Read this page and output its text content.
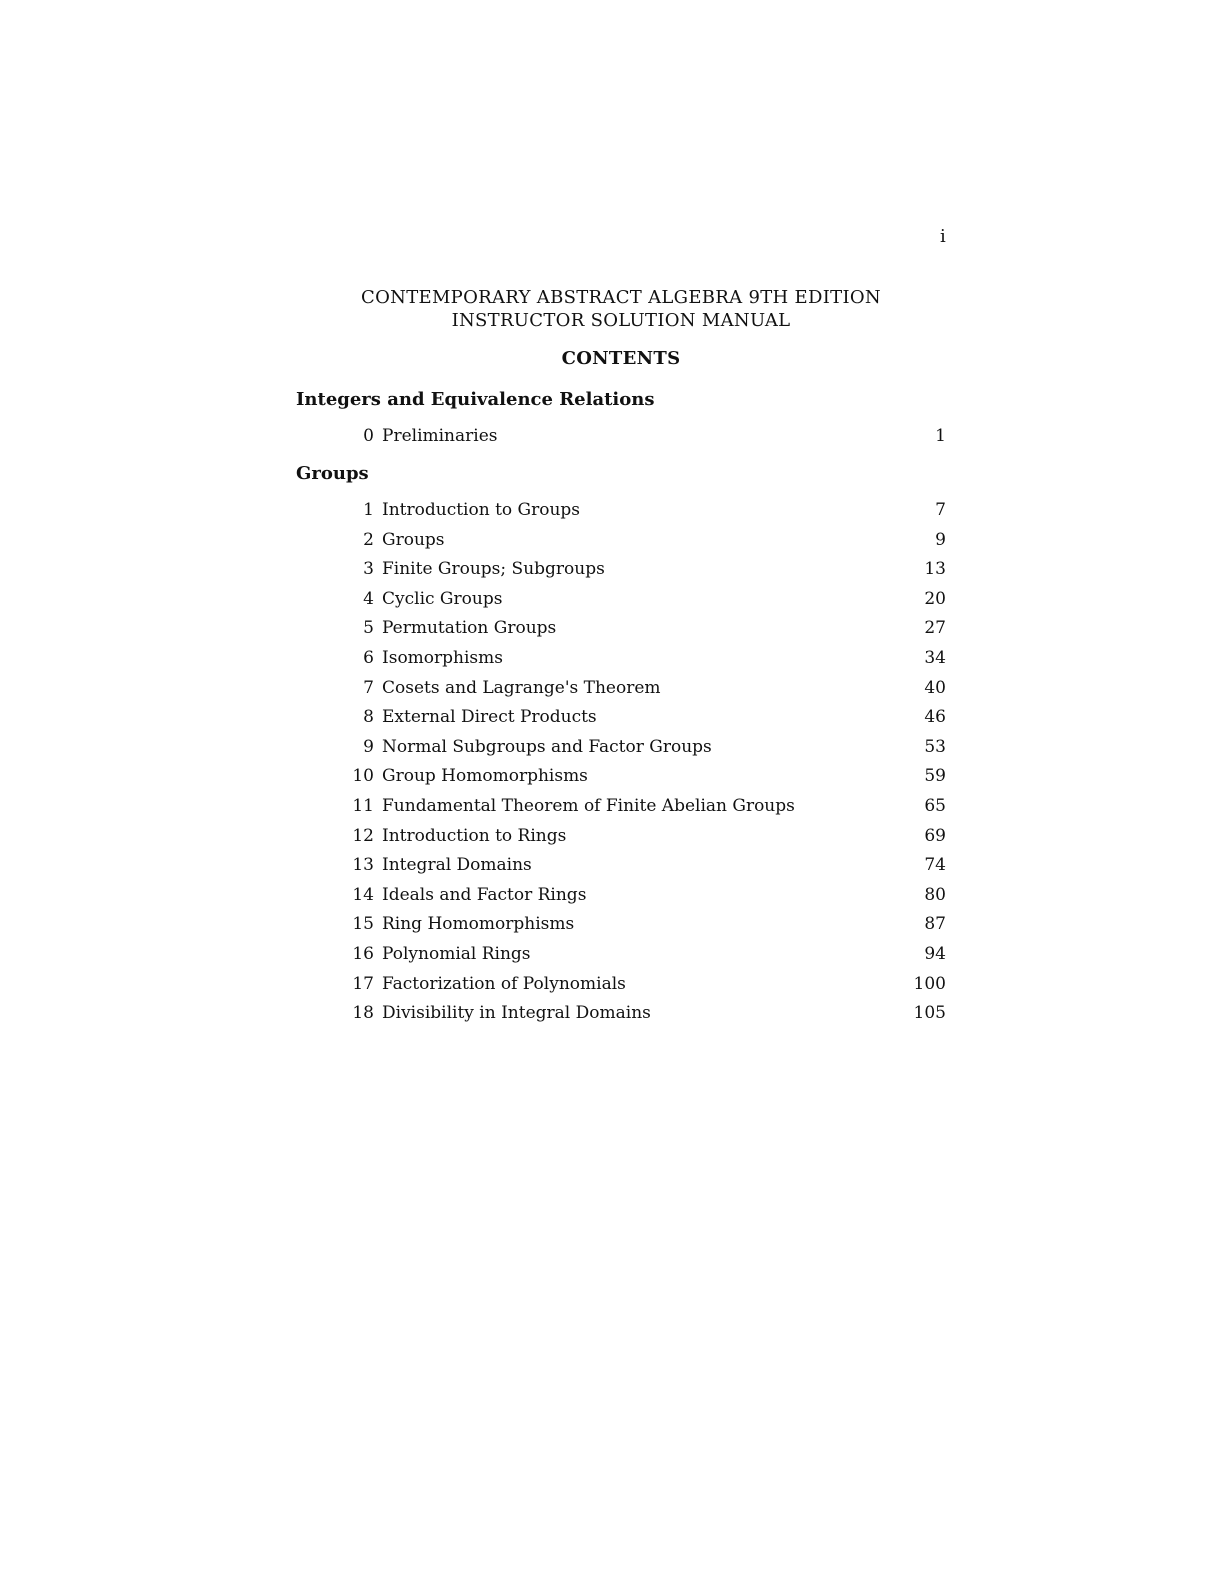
i
CONTEMPORARY ABSTRACT ALGEBRA 9TH EDITION
INSTRUCTOR SOLUTION MANUAL
CONTENTS
Integers and Equivalence Relations
0 Preliminaries	1
Groups
1 Introduction to Groups	7
2 Groups	9
3 Finite Groups; Subgroups	13
4 Cyclic Groups	20
5 Permutation Groups	27
6 Isomorphisms	34
7 Cosets and Lagrange's Theorem	40
8 External Direct Products	46
9 Normal Subgroups and Factor Groups	53
10 Group Homomorphisms	59
11 Fundamental Theorem of Finite Abelian Groups	65
12 Introduction to Rings	69
13 Integral Domains	74
14 Ideals and Factor Rings	80
15 Ring Homomorphisms	87
16 Polynomial Rings	94
17 Factorization of Polynomials	100
18 Divisibility in Integral Domains	105
